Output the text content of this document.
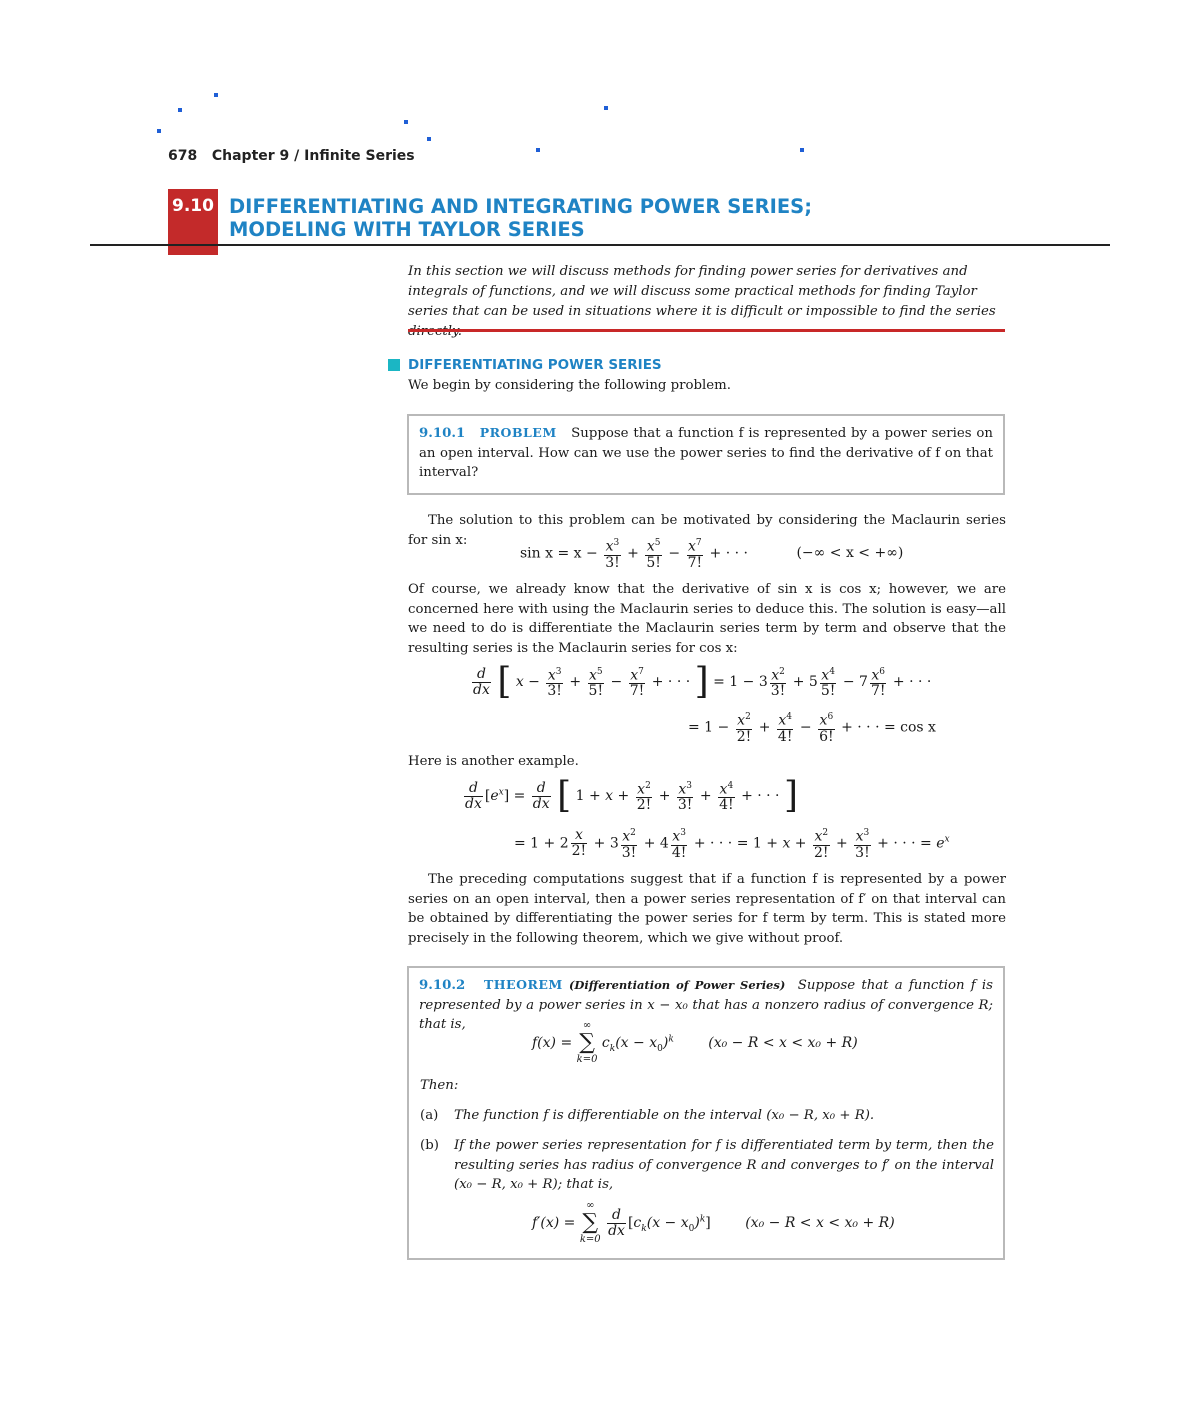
678 Chapter 9 / Infinite Series
9.10 DIFFERENTIATING AND INTEGRATING POWER SERIES;
MODELING WITH TAYLOR SERIES
In this section we will discuss methods for finding power series for derivatives and integrals of functions, and we will discuss some practical methods for finding Taylor series that can be used in situations where it is difficult or impossible to find the series
DIFFERENTIATING POWER SERIES
We begin by considering the following problem.
9.10.1 PROBLEM Suppose that a function f is represented by a power series on an open interval. How can we use the power series to find the derivative of f on that interval?
The solution to this problem can be motivated by considering the Maclaurin series for sin x:
$\sin x = x - \frac{x^3}{3!} + \frac{x^5}{5!} - \frac{x^7}{7!}$ + · · ·	(−∞ < x < +∞)
Of course, we already know that the derivative of sin x is cos x; however, we are concerned here with using the Maclaurin series to deduce this. The solution is easy—all we need to do is differentiate the Maclaurin series term by term and observe that the resulting series is the Maclaurin series for cos x:
$\frac{d}{dx}$ [ $x - \frac{x^3}{3!} + \frac{x^5}{5!} - \frac{x^7}{7!}$ + · · · ] = $1 - 3 \frac{x^2}{3!} + 5 \frac{x^4}{5!} - 7 \frac{x^6}{7!}$ + · · ·
= $1 - \frac{x^2}{2!} + \frac{x^4}{4!} - \frac{x^6}{6!}$ + · · · = cos x
Here is another example.
$\frac{d}{dx} [e^x] = \frac{d}{dx}$ [ $1 + x + \frac{x^2}{2!} + \frac{x^3}{3!} + \frac{x^4}{4!}$ + · · · ]
= $1 + 2 \frac{x}{2!} + 3 \frac{x^2}{3!} + 4 \frac{x^3}{4!}$ + · · · = $1 + x + \frac{x^2}{2!} + \frac{x^3}{3!}$ + · · · = $e^x$
The preceding computations suggest that if a function f is represented by a power series on an open interval, then a power series representation of f′ on that interval can be obtained by differentiating the power series for f term by term. This is stated more precisely in the following theorem, which we give without proof.
9.10.2 THEOREM (Differentiation of Power Series) Suppose that a function f is represented by a power series in x − x₀ that has a nonzero radius of convergence R; that is,
f(x) =
∞
∑
k=0
$c_k(x - x_0)^k$ (x₀ − R < x < x₀ + R)
Then:
(a) The function f is differentiable on the interval (x₀ − R, x₀ + R).
(b) If the power series representation for f is differentiated term by term, then the resulting series has radius of convergence R and converges to f′ on the interval (x₀ − R, x₀ + R); that is,
f′(x) =
∞
∑
k=0

$\frac{d}{dx} [c_k(x - x_0)^k] (x_0 - R < x < x_0 + R)$
